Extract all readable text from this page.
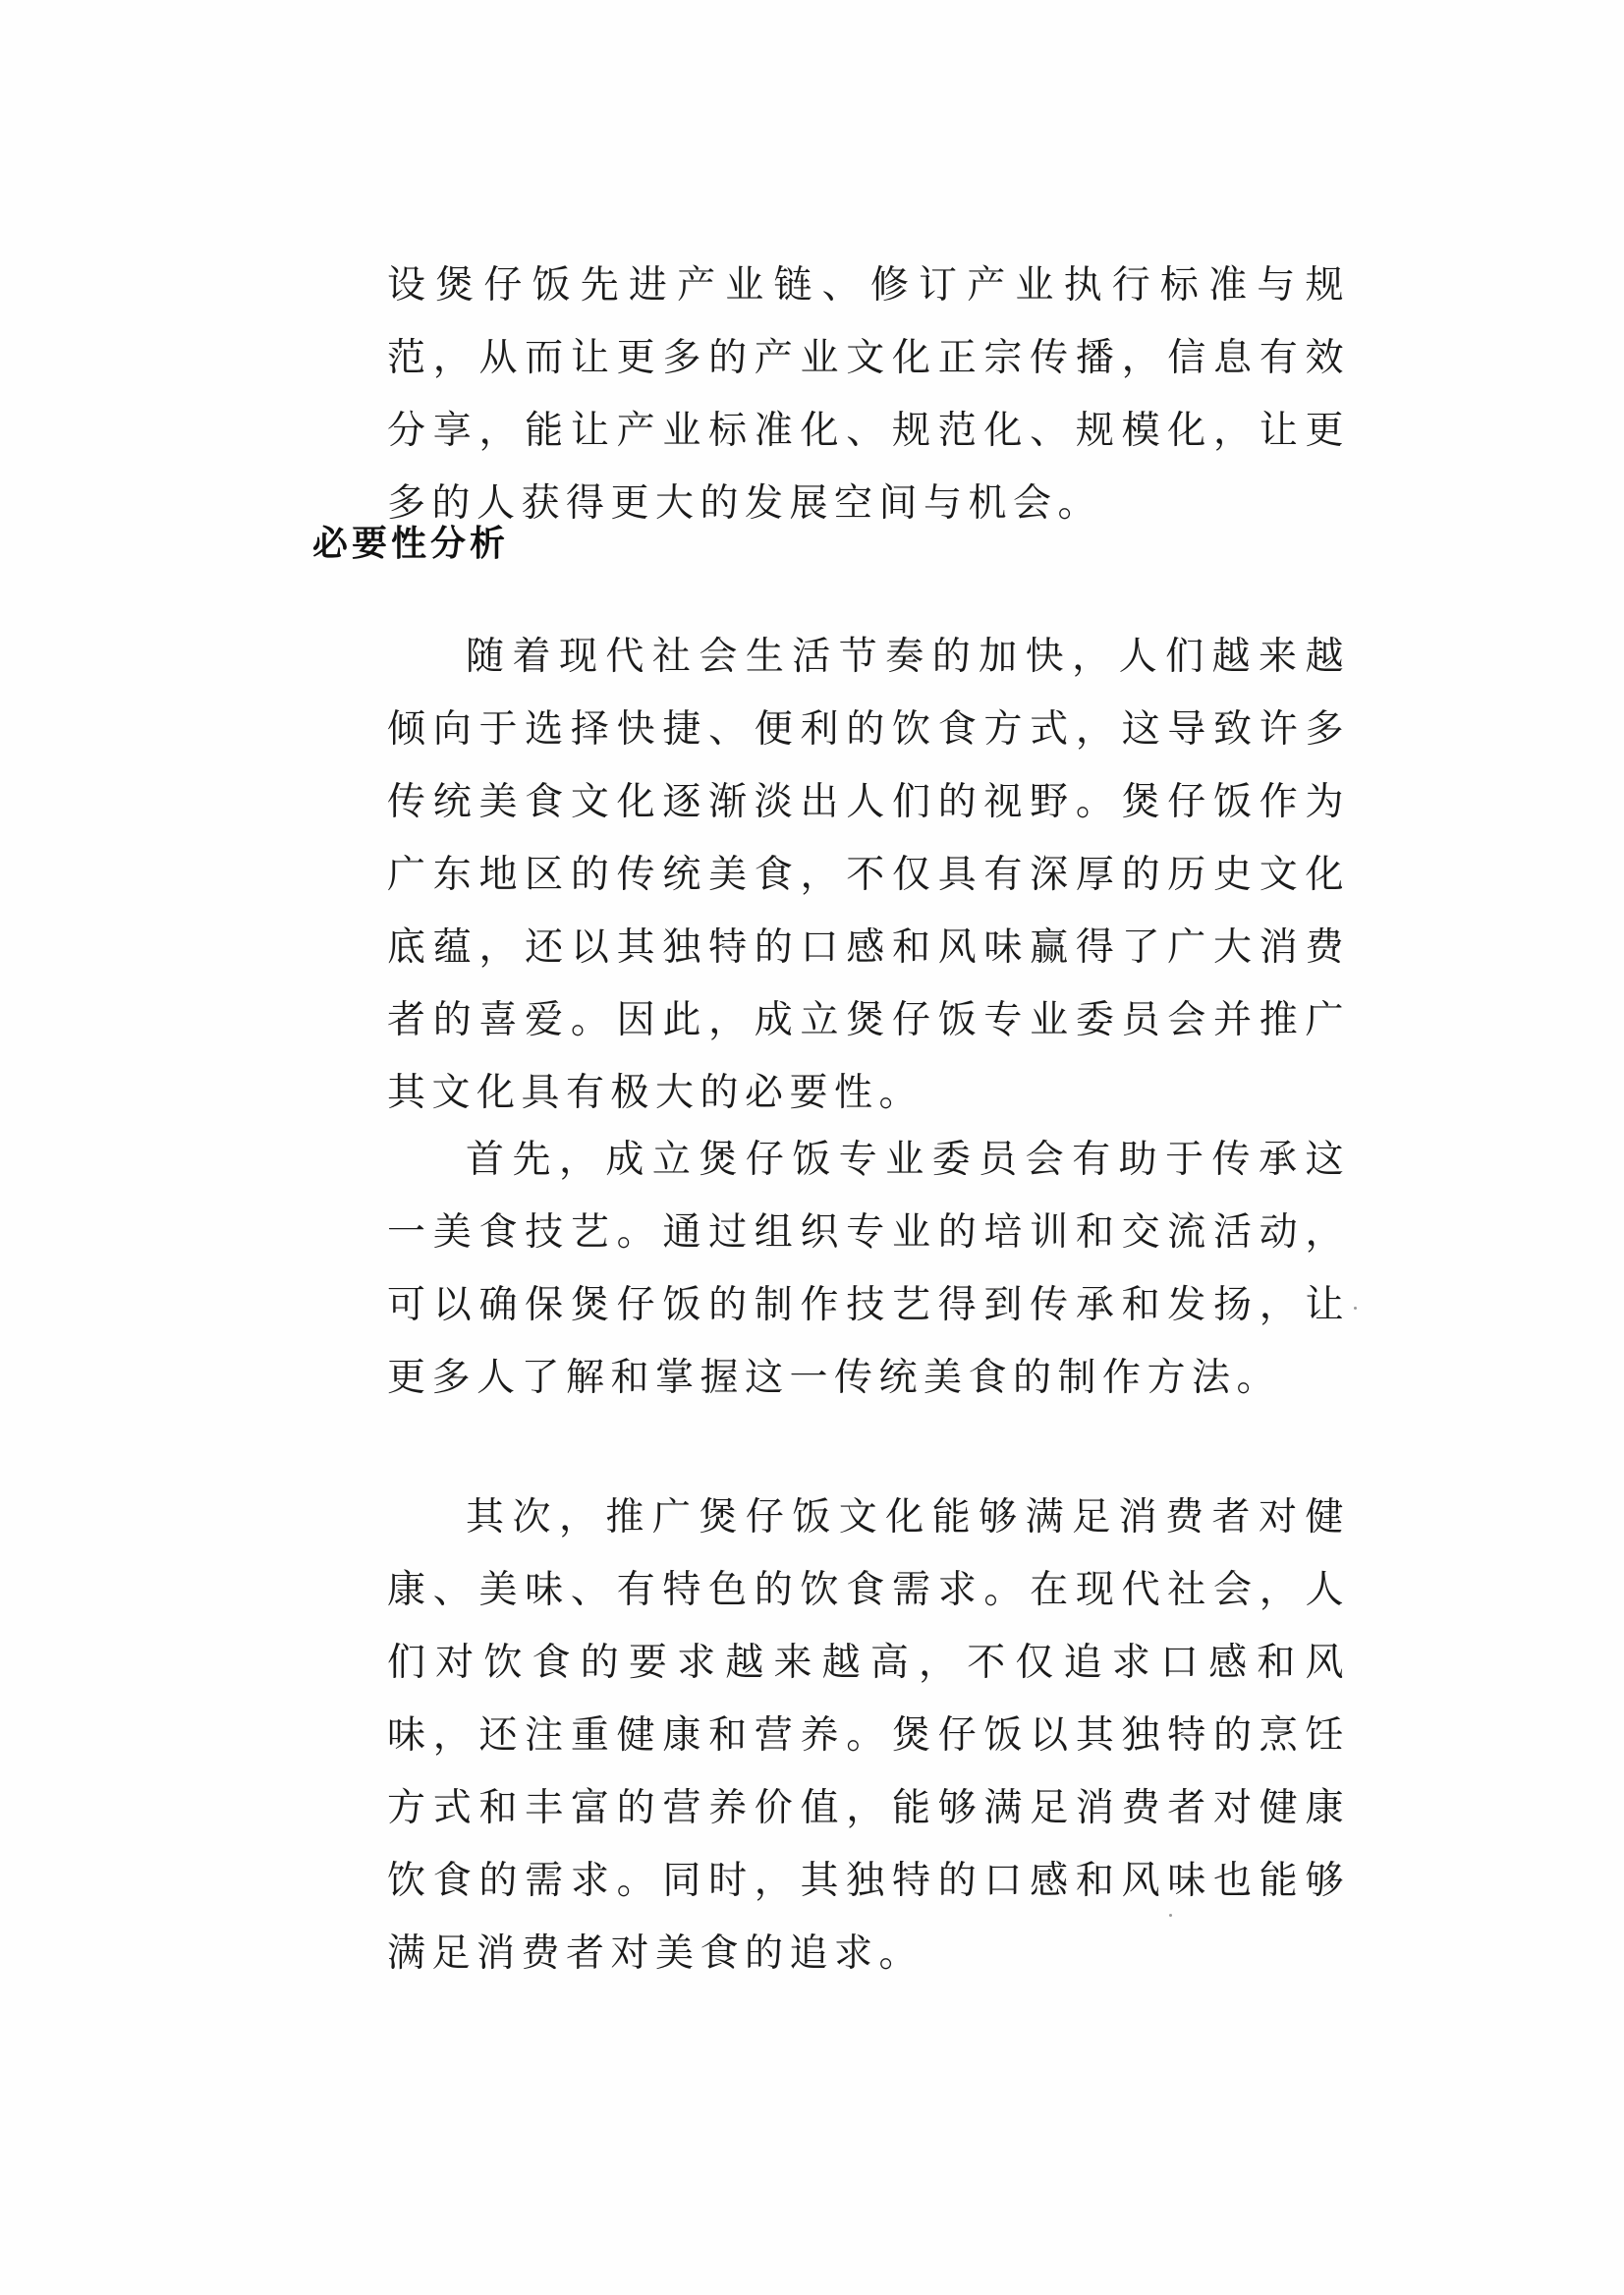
设煲仔饭先进产业链、修订产业执行标准与规范，从而让更多的产业文化正宗传播，信息有效分享，能让产业标准化、规范化、规模化，让更多的人获得更大的发展空间与机会。

必要性分析

随着现代社会生活节奏的加快，人们越来越倾向于选择快捷、便利的饮食方式，这导致许多传统美食文化逐渐淡出人们的视野。煲仔饭作为广东地区的传统美食，不仅具有深厚的历史文化底蕴，还以其独特的口感和风味赢得了广大消费者的喜爱。因此，成立煲仔饭专业委员会并推广其文化具有极大的必要性。

首先，成立煲仔饭专业委员会有助于传承这一美食技艺。通过组织专业的培训和交流活动，可以确保煲仔饭的制作技艺得到传承和发扬，让更多人了解和掌握这一传统美食的制作方法。

其次，推广煲仔饭文化能够满足消费者对健康、美味、有特色的饮食需求。在现代社会，人们对饮食的要求越来越高，不仅追求口感和风味，还注重健康和营养。煲仔饭以其独特的烹饪方式和丰富的营养价值，能够满足消费者对健康饮食的需求。同时，其独特的口感和风味也能够满足消费者对美食的追求。
